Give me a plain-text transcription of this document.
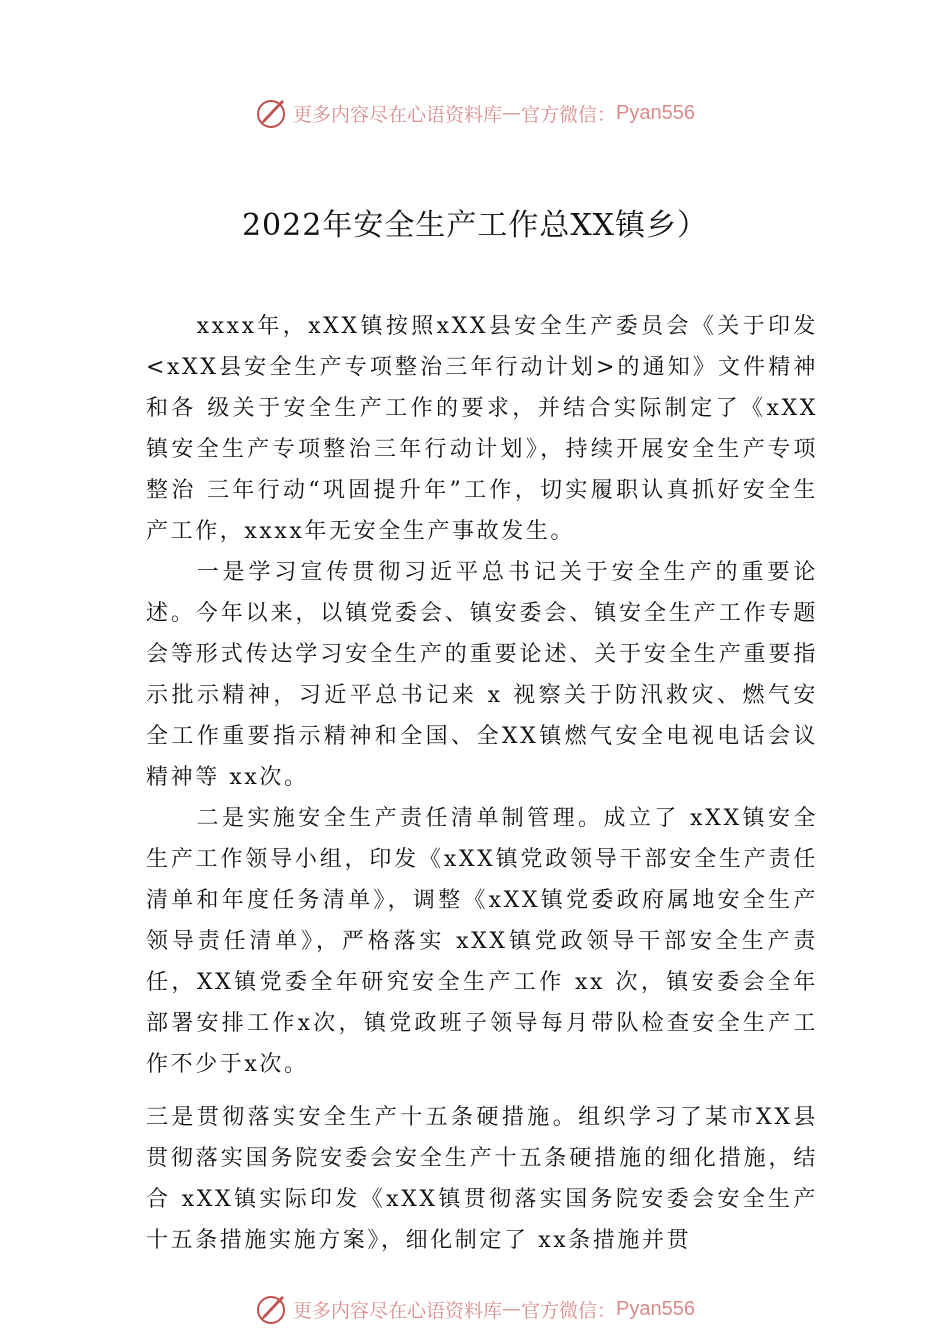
更多内容尽在心语资料库 — 官方微信： Pyan556
2022年安全生产工作总XX镇乡）

xxxx年，xXX镇按照xXX县安全生产委员会《关于印发<xXX县安全生产专项整治三年行动计划>的通知》文件精神和各 级关于安全生产工作的要求，并结合实际制定了《xXX镇安全生产专项整治三年行动计划》，持续开展安全生产专项整治 三年行动“巩固提升年”工作，切实履职认真抓好安全生产工作，xxxx年无安全生产事故发生。

一是学习宣传贯彻习近平总书记关于安全生产的重要论述。今年以来，以镇党委会、镇安委会、镇安全生产工作专题会等形式传达学习安全生产的重要论述、关于安全生产重要指示批示精神，习近平总书记来 x 视察关于防汛救灾、燃气安全工作重要指示精神和全国、全XX镇燃气安全电视电话会议精神等 xx次。

二是实施安全生产责任清单制管理。成立了 xXX镇安全生产工作领导小组，印发《xXX镇党政领导干部安全生产责任清单和年度任务清单》，调整《xXX镇党委政府属地安全生产领导责任清单》，严格落实 xXX镇党政领导干部安全生产责任，XX镇党委全年研究安全生产工作 xx 次，镇安委会全年部署安排工作x次，镇党政班子领导每月带队检查安全生产工作不少于x次。

三是贯彻落实安全生产十五条硬措施。组织学习了某市XX县贯彻落实国务院安委会安全生产十五条硬措施的细化措施，结合 xXX镇实际印发《xXX镇贯彻落实国务院安委会安全生产十五条措施实施方案》，细化制定了 xx条措施并贯

更多内容尽在心语资料库 — 官方微信： Pyan556
